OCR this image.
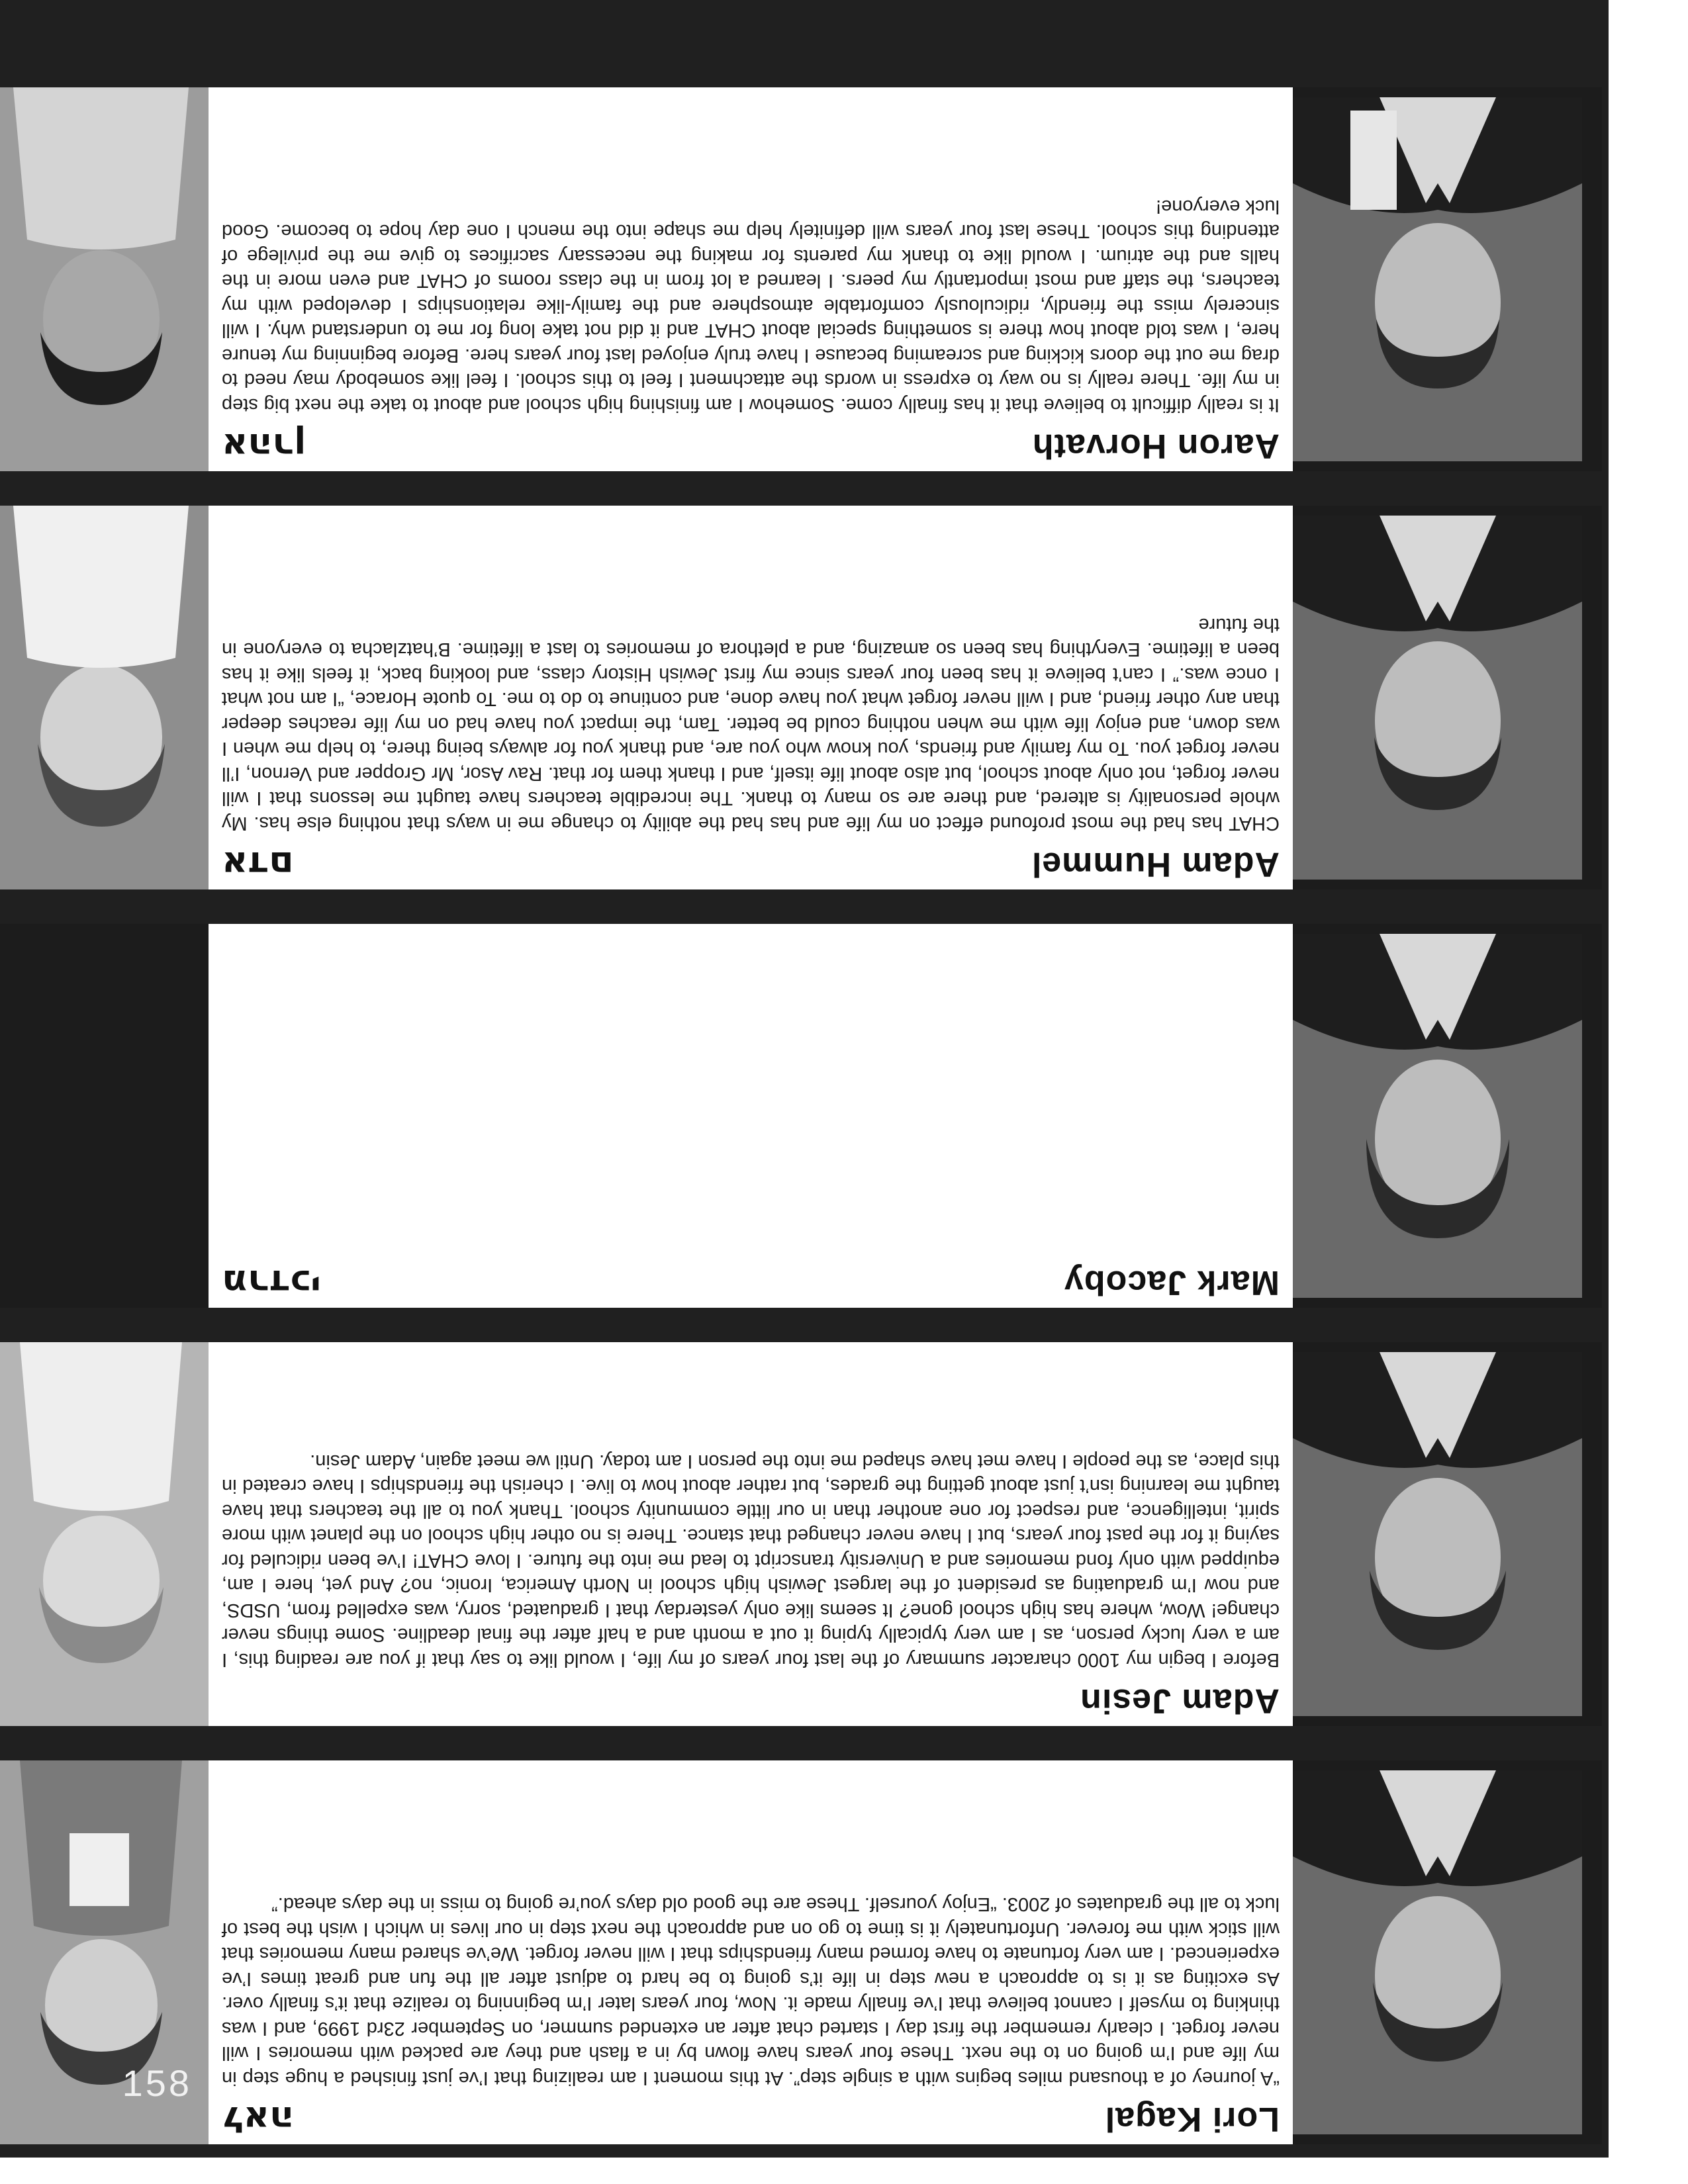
Lori Kagal
לאה

“A journey of a thousand miles begins with a single step”. At this moment I am realizing that I’ve just finished a huge step in my life and I’m going on to the next. These four years have flown by in a flash and they are packed with memories I will never forget. I clearly remember the first day I started chat after an extended summer, on September 23rd 1999, and I was thinking to myself I cannot believe that I’ve finally made it. Now, four years later I’m beginning to realize that it’s finally over. As exciting as it is to approach a new step in life it’s going to be hard to adjust after all the fun and great times I’ve experienced. I am very fortunate to have formed many friendships that I will never forget. We’ve shared many memories that will stick with me forever. Unfortunately it is time to go on and approach the next step in our lives in which I wish the best of luck to all the graduates of 2003. “Enjoy yourself. These are the good old days you’re going to miss in the days ahead.”

Adam Jesin

Before I begin my 1000 character summary of the last four years of my life, I would like to say that if you are reading this, I am a very lucky person, as I am very typically typing it out a month and a half after the final deadline. Some things never change! Wow, where has high school gone? It seems like only yesterday that I graduated, sorry, was expelled from, USDS, and now I’m graduating as president of the largest Jewish high school in North America, Ironic, no? And yet, here I am, equipped with only fond memories and a University transcript to lead me into the future. I love CHAT! I’ve been ridiculed for saying it for the past four years, but I have never changed that stance. There is no other high school on the planet with more spirit, intelligence, and respect for one another than in our little community school. Thank you to all the teachers that have taught me learning isn’t just about getting the grades, but rather about how to live. I cherish the friendships I have created in this place, as the people I have met have shaped me into the person I am today. Until we meet again, Adam Jesin.

Mark Jacoby
מרדכי

Adam Hummel
אדם

CHAT has had the most profound effect on my life and has had the ability to change me in ways that nothing else has. My whole personality is altered, and there are so many to thank. The incredible teachers have taught me lessons that I will never forget, not only about school, but also about life itself, and I thank them for that. Rav Asor, Mr Gropper and Vernon, I’ll never forget you. To my family and friends, you know who you are, and thank you for always being there, to help me when I was down, and enjoy life with me when nothing could be better. Tam, the impact you have had on my life reaches deeper than any other friend, and I will never forget what you have done, and continue to do to me. To quote Horace, “I am not what I once was.” I can’t believe it has been four years since my first Jewish History class, and looking back, it feels like it has been a lifetime. Everything has been so amazing, and a plethora of memories to last a lifetime. B’hatzlacha to everyone in the future

Aaron Horvath
אהרן

It is really difficult to believe that it has finally come. Somehow I am finishing high school and about to take the next big step in my life. There really is no way to express in words the attachment I feel to this school. I feel like somebody may need to drag me out the doors kicking and screaming because I have truly enjoyed last four years here. Before beginning my tenure here, I was told about how there is something special about CHAT and it did not take long for me to understand why. I will sincerely miss the friendly, ridiculously comfortable atmosphere and the family-like relationships I developed with my teachers, the staff and most importantly my peers. I learned a lot from in the class rooms of CHAT and even more in the halls and the atrium. I would like to thank my parents for making the necessary sacrifices to give me the privilege of attending this school. These last four years will definitely help me shape into the mench I one day hope to become. Good luck everyone!

158
